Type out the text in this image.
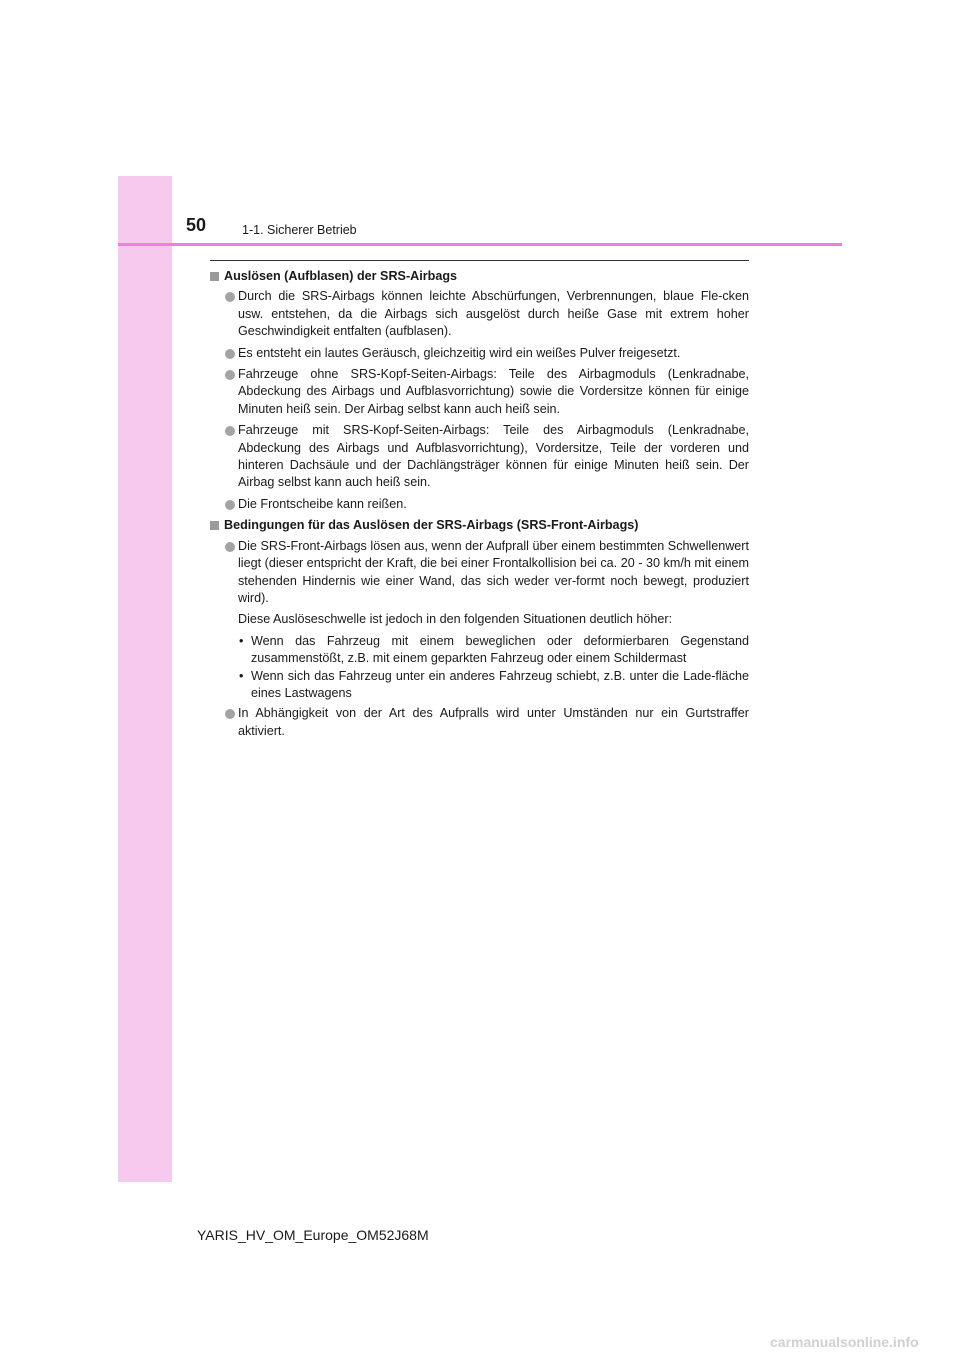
50	1-1. Sicherer Betrieb
Auslösen (Aufblasen) der SRS-Airbags
Durch die SRS-Airbags können leichte Abschürfungen, Verbrennungen, blaue Fle-cken usw. entstehen, da die Airbags sich ausgelöst durch heiße Gase mit extrem hoher Geschwindigkeit entfalten (aufblasen).
Es entsteht ein lautes Geräusch, gleichzeitig wird ein weißes Pulver freigesetzt.
Fahrzeuge ohne SRS-Kopf-Seiten-Airbags: Teile des Airbagmoduls (Lenkradnabe, Abdeckung des Airbags und Aufblasvorrichtung) sowie die Vordersitze können für einige Minuten heiß sein. Der Airbag selbst kann auch heiß sein.
Fahrzeuge mit SRS-Kopf-Seiten-Airbags: Teile des Airbagmoduls (Lenkradnabe, Abdeckung des Airbags und Aufblasvorrichtung), Vordersitze, Teile der vorderen und hinteren Dachsäule und der Dachlängsträger können für einige Minuten heiß sein. Der Airbag selbst kann auch heiß sein.
Die Frontscheibe kann reißen.
Bedingungen für das Auslösen der SRS-Airbags (SRS-Front-Airbags)
Die SRS-Front-Airbags lösen aus, wenn der Aufprall über einem bestimmten Schwellenwert liegt (dieser entspricht der Kraft, die bei einer Frontalkollision bei ca. 20 - 30 km/h mit einem stehenden Hindernis wie einer Wand, das sich weder ver-formt noch bewegt, produziert wird).
Diese Auslöseschwelle ist jedoch in den folgenden Situationen deutlich höher:
• Wenn das Fahrzeug mit einem beweglichen oder deformierbaren Gegenstand zusammenstößt, z.B. mit einem geparkten Fahrzeug oder einem Schildermast
• Wenn sich das Fahrzeug unter ein anderes Fahrzeug schiebt, z.B. unter die Lade-fläche eines Lastwagens
In Abhängigkeit von der Art des Aufpralls wird unter Umständen nur ein Gurtstraffer aktiviert.
YARIS_HV_OM_Europe_OM52J68M
carmanualsonline.info
